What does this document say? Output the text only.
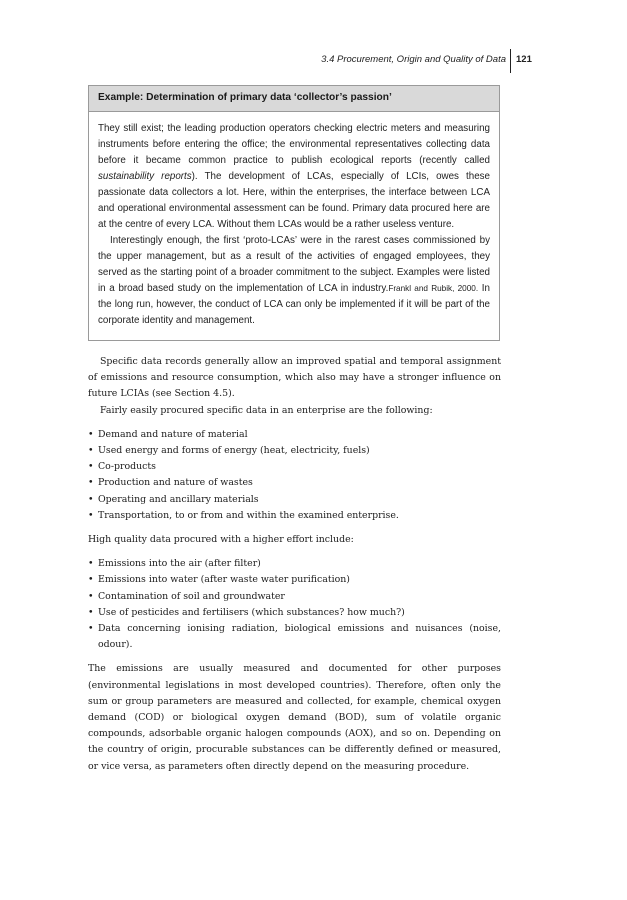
3.4 Procurement, Origin and Quality of Data 121
Example: Determination of primary data ‘collector’s passion’

They still exist; the leading production operators checking electric meters and measuring instruments before entering the office; the environmental representatives collecting data before it became common practice to publish ecological reports (recently called sustainability reports). The development of LCAs, especially of LCIs, owes these passionate data collectors a lot. Here, within the enterprises, the interface between LCA and operational environmental assessment can be found. Primary data procured here are at the centre of every LCA. Without them LCAs would be a rather useless venture.

Interestingly enough, the first ‘proto-LCAs’ were in the rarest cases commissioned by the upper management, but as a result of the activities of engaged employees, they served as the starting point of a broader commitment to the subject. Examples were listed in a broad based study on the implementation of LCA in industry.Frankl and Rubik, 2000. In the long run, however, the conduct of LCA can only be implemented if it will be part of the corporate identity and management.

Specific data records generally allow an improved spatial and temporal assignment of emissions and resource consumption, which also may have a stronger influence on future LCIAs (see Section 4.5).

Fairly easily procured specific data in an enterprise are the following:

• Demand and nature of material
• Used energy and forms of energy (heat, electricity, fuels)
• Co-products
• Production and nature of wastes
• Operating and ancillary materials
• Transportation, to or from and within the examined enterprise.

High quality data procured with a higher effort include:

• Emissions into the air (after filter)
• Emissions into water (after waste water purification)
• Contamination of soil and groundwater
• Use of pesticides and fertilisers (which substances? how much?)
• Data concerning ionising radiation, biological emissions and nuisances (noise, odour).

The emissions are usually measured and documented for other purposes (environmental legislations in most developed countries). Therefore, often only the sum or group parameters are measured and collected, for example, chemical oxygen demand (COD) or biological oxygen demand (BOD), sum of volatile organic compounds, adsorbable organic halogen compounds (AOX), and so on. Depending on the country of origin, procurable substances can be differently defined or measured, or vice versa, as parameters often directly depend on the measuring procedure.
